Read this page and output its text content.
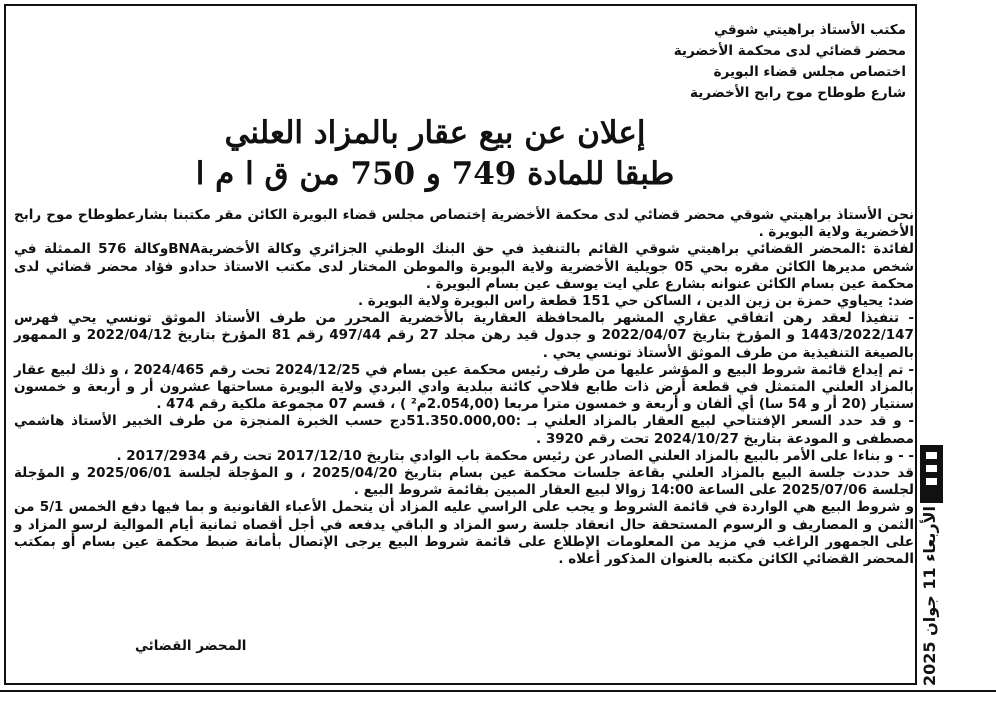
مكتب الأستاذ براهيتي شوقي
محضر قضائي لدى محكمة الأخضرية
اختصاص مجلس قضاء البويرة
شارع طوطاح موح رابح الأخضرية
إعلان عن بيع عقار بالمزاد العلني
طبقا للمادة 749 و 750 من ق ا م ا

نحن الأستاذ براهيتي شوقي محضر قضائي لدى محكمة الأخضرية إختصاص مجلس قضاء البويرة الكائن مقر مكتبنا بشارعطوطاح موح رابح الأخضرية ولاية البويرة .

لفائدة :المحضر القضائي براهيتي شوقي القائم بالتنفيذ في حق البنك الوطني الجزائري وكالة الأخضريةBNAوكالة 576 الممثلة في شخص مديرها الكائن مقره بحي 05 جويلية الأخضرية ولاية البويرة والموطن المختار لدى مكتب الاستاذ حدادو فؤاد محضر قضائي لدى محكمة عين بسام الكائن عنوانه بشارع علي ايت يوسف عين بسام البويرة .

ضد: يحياوي حمزة بن زين الدين ، الساكن حي 151 قطعة راس البويرة ولاية البويرة .

- تنفيذا لعقد رهن اتفاقي عقاري المشهر بالمحافظة العقارية بالأخضرية المحرر من طرف الأستاذ الموثق تونسي يحي فهرس 1443/2022/147 و المؤرخ بتاريخ 2022/04/07 و جدول قيد رهن مجلد 27 رقم 497/44 رقم 81 المؤرخ بتاريخ 2022/04/12 و الممهور بالصيغة التنفيذية من طرف الموثق الأستاذ تونسي يحي .

- تم إيداع قائمة شروط البيع و المؤشر عليها من طرف رئيس محكمة عين بسام في 2024/12/25 تحت رقم 2024/465 ، و ذلك لبيع عقار بالمزاد العلني المتمثل في قطعة أرض ذات طابع فلاحي كائنة ببلدية وادي البردي ولاية البويرة مساحتها عشرون أر و أربعة و خمسون سنتيار (20 أر و 54 سا) أي ألفان و أربعة و خمسون مترا مربعا (2.054,00م² ) ، قسم 07 مجموعة ملكية رقم 474 .

- و قد حدد السعر الإفتتاحي لبيع العقار بالمزاد العلني بـ :51.350.000,00دج حسب الخبرة المنجزة من طرف الخبير الأستاذ هاشمي مصطفى و المودعة بتاريخ 2024/10/27 تحت رقم 3920 .

- - و بناءا على الأمر بالبيع بالمزاد العلني الصادر عن رئيس محكمة باب الوادي بتاريخ 2017/12/10 تحت رقم 2017/2934 .

قد حددت جلسة البيع بالمزاد العلني بقاعة جلسات محكمة عين بسام بتاريخ 2025/04/20 ، و المؤجلة لجلسة 2025/06/01 و المؤجلة لجلسة 2025/07/06 على الساعة 14:00 زوالا لبيع العقار المبين بقائمة شروط البيع .

و شروط البيع هي الواردة في قائمة الشروط و يجب على الراسي عليه المزاد أن يتحمل الأعباء القانونية و بما فيها دفع الخمس 5/1 من الثمن و المصاريف و الرسوم المستحقة حال انعقاد جلسة رسو المزاد و الباقي يدفعه في أجل أقصاه ثمانية أيام الموالية لرسو المزاد و على الجمهور الراغب في مزيد من المعلومات الإطلاع على قائمة شروط البيع يرجى الإتصال بأمانة ضبط محكمة عين بسام أو بمكتب المحضر القضائي الكائن مكتبه بالعنوان المذكور أعلاه .

المحضر القضائي	الأربعاء 11 جوان 2025
